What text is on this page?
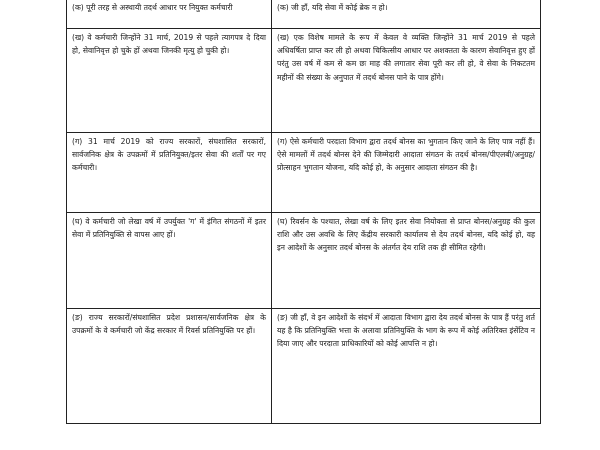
(क) पूरी तरह से अस्थायी तदर्थ आधार पर नियुक्त कर्मचारी	(क) जी हाँ, यदि सेवा में कोई ब्रेक न हो।

(ख) वे कर्मचारी जिन्होंने 31 मार्च, 2019 से पहले त्यागपत्र दे दिया हो, सेवानिवृत्त हो चुके हों अथवा जिनकी मृत्यु हो चुकी हो।	(ख) एक विशेष मामले के रूप में केवल वे व्यक्ति जिन्होंने 31 मार्च 2019 से पहले अधिवर्षिता प्राप्त कर ली हो अथवा चिकित्सीय आधार पर अशक्तता के कारण सेवानिवृत्त हुए हों परंतु उस वर्ष में कम से कम छः माह की लगातार सेवा पूरी कर ली हो, वे सेवा के निकटतम महीनों की संख्या के अनुपात में तदर्थ बोनस पाने के पात्र होंगे।

(ग) 31 मार्च 2019 को राज्य सरकारों, संघशासित सरकारों, सार्वजनिक क्षेत्र के उपक्रमों में प्रतिनियुक्त/इतर सेवा की शर्तों पर गए कर्मचारी।	(ग) ऐसे कर्मचारी परदाता विभाग द्वारा तदर्थ बोनस का भुगतान किए जाने के लिए पात्र नहीं हैं। ऐसे मामलों में तदर्थ बोनस देने की जिम्मेदारी आदाता संगठन के तदर्थ बोनस/पीएलबी/अनुग्रह/प्रोत्साहन भुगतान योजना, यदि कोई हो, के अनुसार आदाता संगठन की है।

(घ) वे कर्मचारी जो लेखा वर्ष में उपर्युक्त 'ग' में इंगित संगठनों में इतर सेवा में प्रतिनियुक्ति से वापस आए हों।	(घ) रिवर्सन के पश्चात, लेखा वर्ष के लिए इतर सेवा नियोक्ता से प्राप्त बोनस/अनुग्रह की कुल राशि और उस अवधि के लिए केंद्रीय सरकारी कार्यालय से देय तदर्थ बोनस, यदि कोई हो, वह इन आदेशों के अनुसार तदर्थ बोनस के अंतर्गत देय राशि तक ही सीमित रहेगी।

(ङ) राज्य सरकारों/संघशासित प्रदेश प्रशासन/सार्वजनिक क्षेत्र के उपक्रमों के वे कर्मचारी जो केंद्र सरकार में रिवर्स प्रतिनियुक्ति पर हों।	(ङ) जी हाँ, वे इन आदेशों के संदर्भ में आदाता विभाग द्वारा देय तदर्थ बोनस के पात्र हैं परंतु शर्त यह है कि प्रतिनियुक्ति भत्ता के अलावा प्रतिनियुक्ति के भाग के रूप में कोई अतिरिक्त इंसेंटिव न दिया जाए और परदाता प्राधिकारियों को कोई आपत्ति न हो।
